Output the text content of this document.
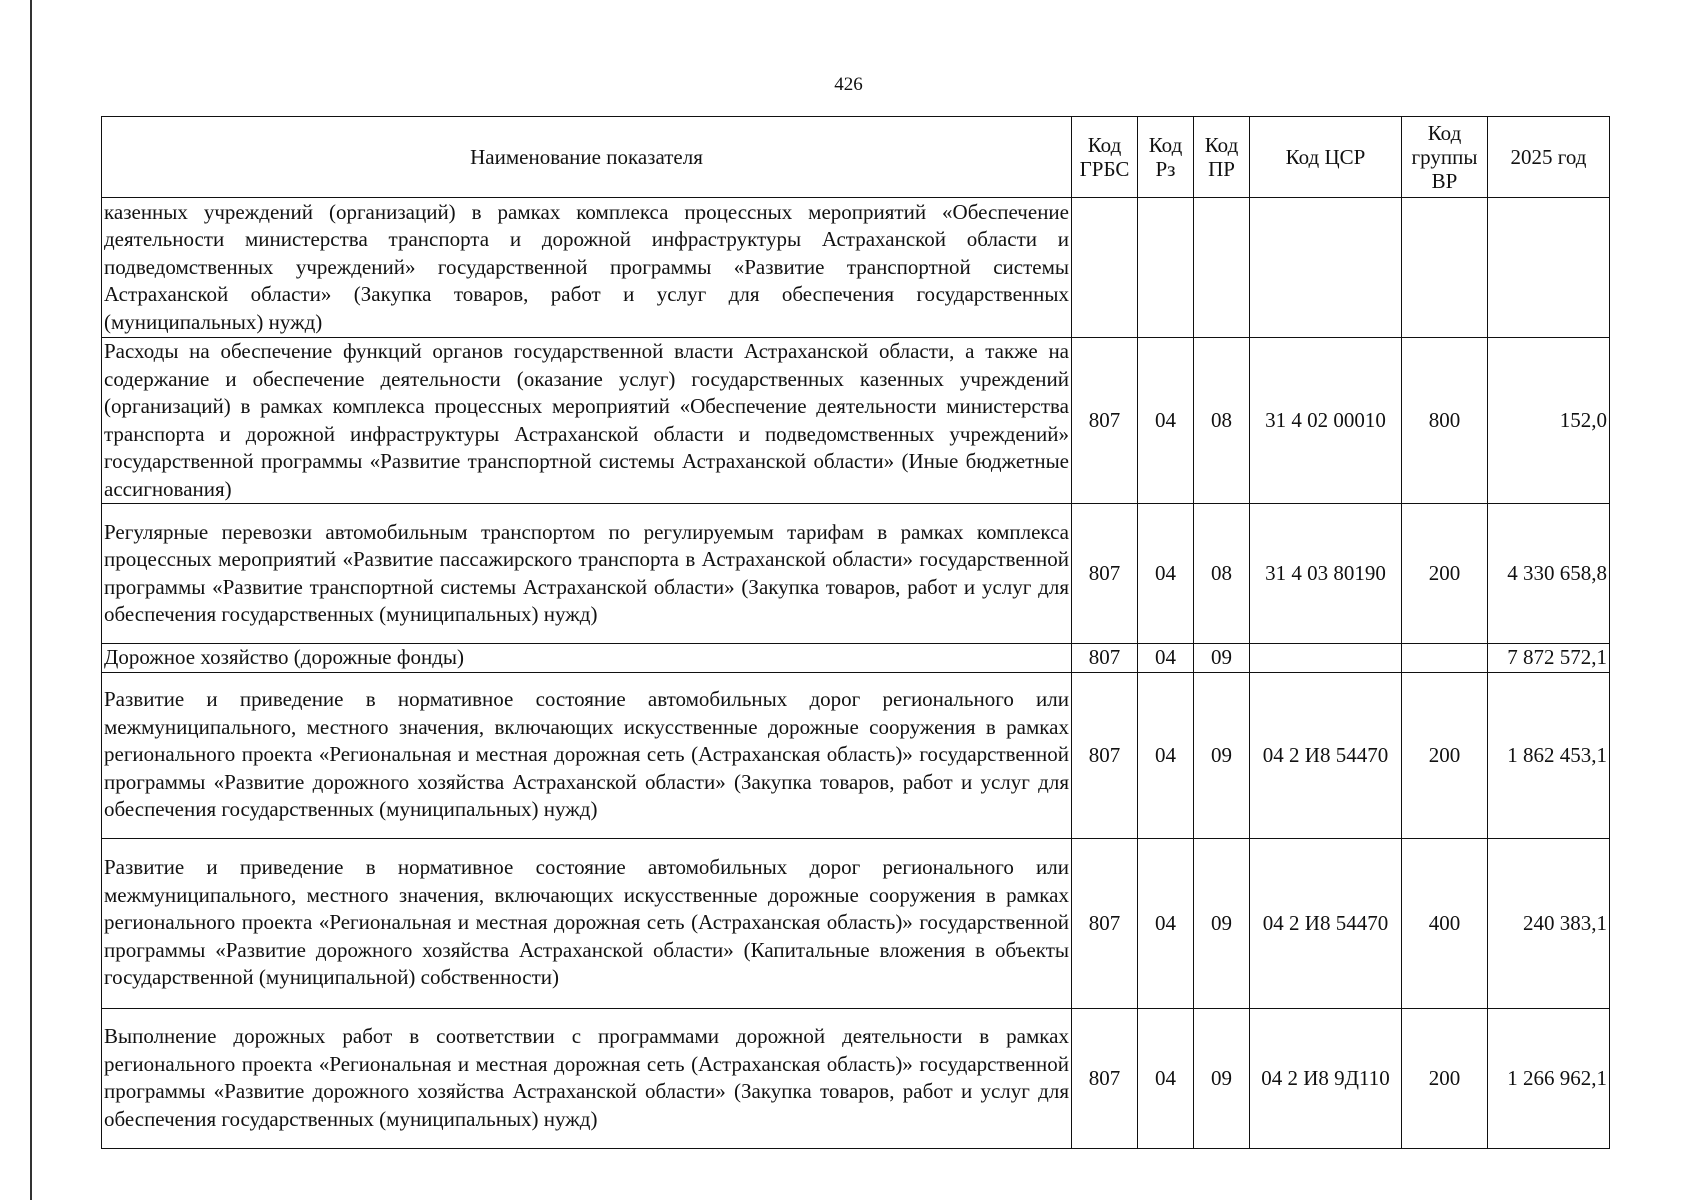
426
Наименование показателя	Код ГРБС	Код Рз	Код ПР	Код ЦСР	Код группы ВР	2025 год
казенных учреждений (организаций) в рамках комплекса процессных мероприятий «Обеспечение деятельности министерства транспорта и дорожной инфраструктуры Астраханской области и подведомственных учреждений» государственной программы «Развитие транспортной системы Астраханской области» (Закупка товаров, работ и услуг для обеспечения государственных (муниципальных) нужд)						
Расходы на обеспечение функций органов государственной власти Астраханской области, а также на содержание и обеспечение деятельности (оказание услуг) государственных казенных учреждений (организаций) в рамках комплекса процессных мероприятий «Обеспечение деятельности министерства транспорта и дорожной инфраструктуры Астраханской области и подведомственных учреждений» государственной программы «Развитие транспортной системы Астраханской области» (Иные бюджетные ассигнования)	807	04	08	31 4 02 00010	800	152,0
Регулярные перевозки автомобильным транспортом по регулируемым тарифам в рамках комплекса процессных мероприятий «Развитие пассажирского транспорта в Астраханской области» государственной программы «Развитие транспортной системы Астраханской области» (Закупка товаров, работ и услуг для обеспечения государственных (муниципальных) нужд)	807	04	08	31 4 03 80190	200	4 330 658,8
Дорожное хозяйство (дорожные фонды)	807	04	09			7 872 572,1
Развитие и приведение в нормативное состояние автомобильных дорог регионального или межмуниципального, местного значения, включающих искусственные дорожные сооружения в рамках регионального проекта «Региональная и местная дорожная сеть (Астраханская область)» государственной программы «Развитие дорожного хозяйства Астраханской области» (Закупка товаров, работ и услуг для обеспечения государственных (муниципальных) нужд)	807	04	09	04 2 И8 54470	200	1 862 453,1
Развитие и приведение в нормативное состояние автомобильных дорог регионального или межмуниципального, местного значения, включающих искусственные дорожные сооружения в рамках регионального проекта «Региональная и местная дорожная сеть (Астраханская область)» государственной программы «Развитие дорожного хозяйства Астраханской области» (Капитальные вложения в объекты государственной (муниципальной) собственности)	807	04	09	04 2 И8 54470	400	240 383,1
Выполнение дорожных работ в соответствии с программами дорожной деятельности в рамках регионального проекта «Региональная и местная дорожная сеть (Астраханская область)» государственной программы «Развитие дорожного хозяйства Астраханской области» (Закупка товаров, работ и услуг для обеспечения государственных (муниципальных) нужд)	807	04	09	04 2 И8 9Д110	200	1 266 962,1
